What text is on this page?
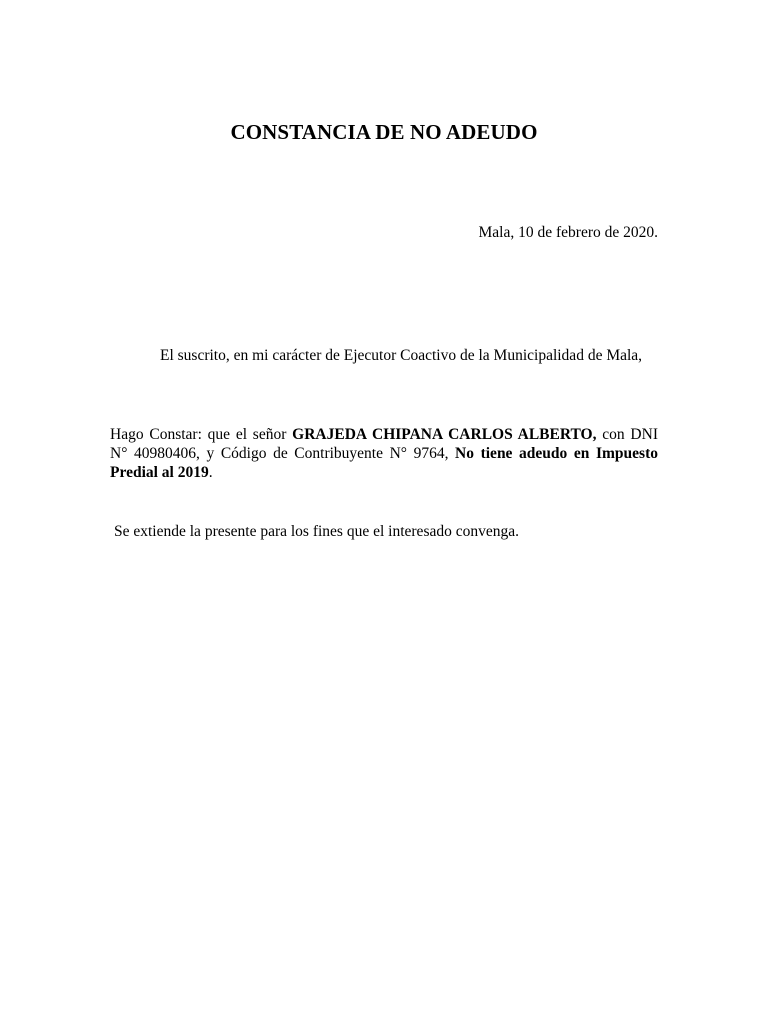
CONSTANCIA DE NO ADEUDO

Mala, 10 de febrero de 2020.

El suscrito, en mi carácter de Ejecutor Coactivo de la Municipalidad de Mala,

Hago Constar: que el señor GRAJEDA CHIPANA CARLOS ALBERTO, con DNI N° 40980406, y Código de Contribuyente N° 9764, No tiene adeudo en Impuesto Predial al 2019.

Se extiende la presente para los fines que el interesado convenga.
